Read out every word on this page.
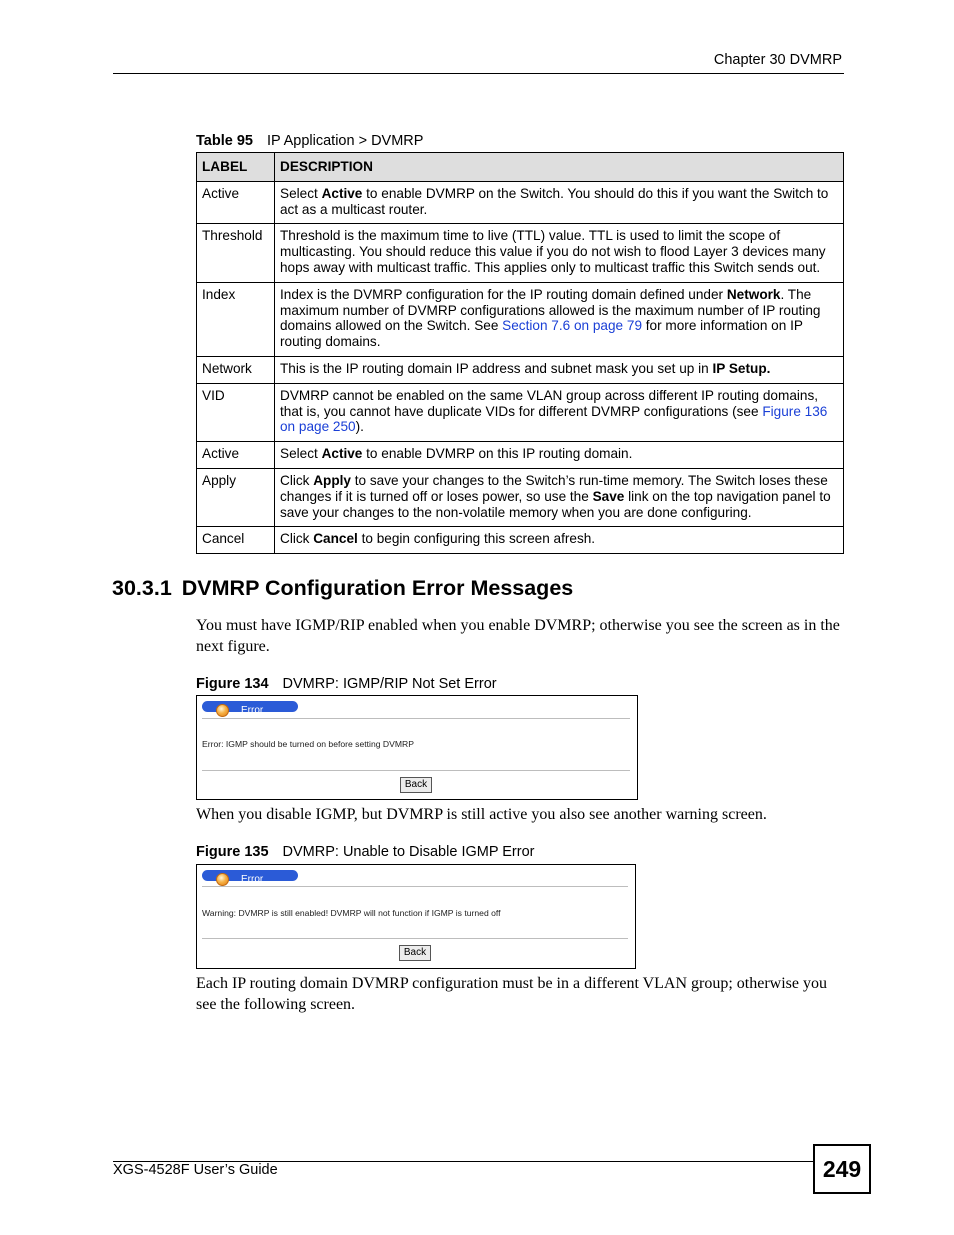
Chapter 30 DVMRP
Table 95 IP Application > DVMRP
LABEL	DESCRIPTION
Active	Select Active to enable DVMRP on the Switch. You should do this if you want the Switch to act as a multicast router.
Threshold	Threshold is the maximum time to live (TTL) value. TTL is used to limit the scope of multicasting. You should reduce this value if you do not wish to flood Layer 3 devices many hops away with multicast traffic. This applies only to multicast traffic this Switch sends out.
Index	Index is the DVMRP configuration for the IP routing domain defined under Network. The maximum number of DVMRP configurations allowed is the maximum number of IP routing domains allowed on the Switch. See Section 7.6 on page 79 for more information on IP routing domains.
Network	This is the IP routing domain IP address and subnet mask you set up in IP Setup.
VID	DVMRP cannot be enabled on the same VLAN group across different IP routing domains, that is, you cannot have duplicate VIDs for different DVMRP configurations (see Figure 136 on page 250).
Active	Select Active to enable DVMRP on this IP routing domain.
Apply	Click Apply to save your changes to the Switch’s run-time memory. The Switch loses these changes if it is turned off or loses power, so use the Save link on the top navigation panel to save your changes to the non-volatile memory when you are done configuring.
Cancel	Click Cancel to begin configuring this screen afresh.
30.3.1 DVMRP Configuration Error Messages
You must have IGMP/RIP enabled when you enable DVMRP; otherwise you see the screen as in the next figure.
Figure 134 DVMRP: IGMP/RIP Not Set Error
Error
Error: IGMP should be turned on before setting DVMRP
Back
When you disable IGMP, but DVMRP is still active you also see another warning screen.
Figure 135 DVMRP: Unable to Disable IGMP Error
Error
Warning: DVMRP is still enabled! DVMRP will not function if IGMP is turned off
Back
Each IP routing domain DVMRP configuration must be in a different VLAN group; otherwise you see the following screen.
XGS-4528F User’s Guide	249
